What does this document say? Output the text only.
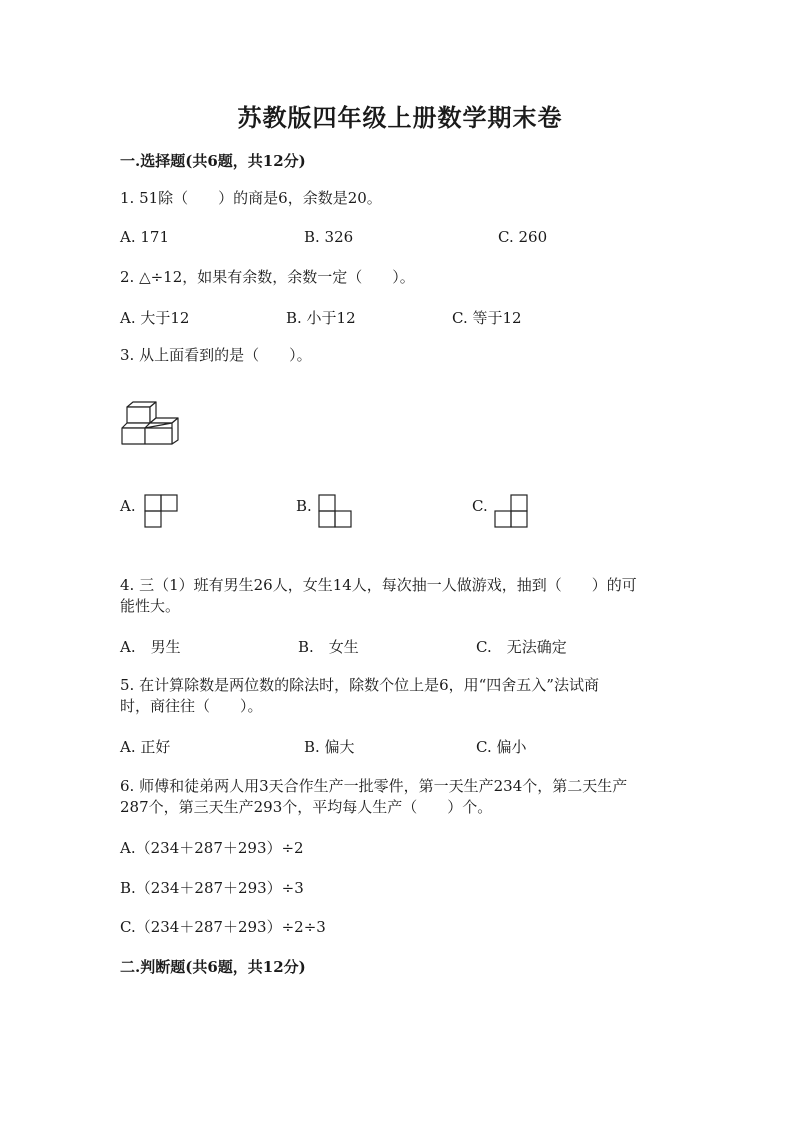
苏教版四年级上册数学期末卷
一.选择题(共6题，共12分)
1. 51除（　　）的商是6，余数是20。
A. 171	B. 326	C. 260
2. △÷12，如果有余数，余数一定（　　）。
A. 大于12	B. 小于12	C. 等于12
3. 从上面看到的是（　　）。
A.	B.	C.
4. 三（1）班有男生26人，女生14人，每次抽一人做游戏，抽到（　　）的可
能性大。
A.　男生	B.　女生	C.　无法确定
5. 在计算除数是两位数的除法时，除数个位上是6，用“四舍五入”法试商
时，商往往（　　）。
A. 正好	B. 偏大	C. 偏小
6. 师傅和徒弟两人用3天合作生产一批零件，第一天生产234个，第二天生产
287个，第三天生产293个，平均每人生产（　　）个。
A.（234＋287＋293）÷2
B.（234＋287＋293）÷3
C.（234＋287＋293）÷2÷3
二.判断题(共6题，共12分)
